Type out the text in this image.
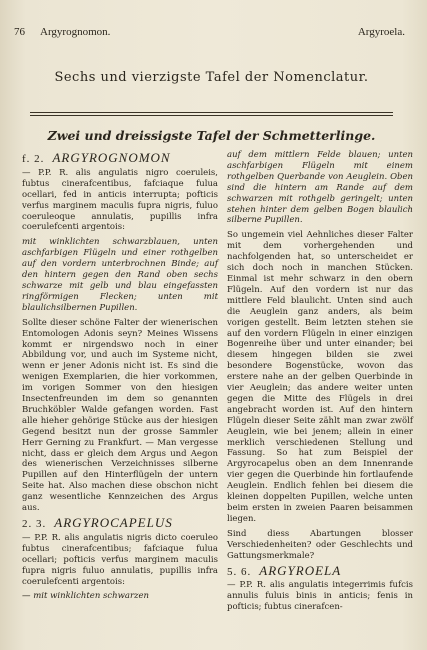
76	Argyrognomon.	Argyroela.
Sechs und vierzigste Tafel der Nomenclatur.
Zwei und dreissigste Tafel der Schmetterlinge.
f. 2. ARGYROGNOMON

— P.P. R. alis angulatis nigro coeruleis, fubtus cinerafcentibus, fafciaque fulua ocellari, fed in anticis interrupta; pofticis verfus marginem maculis fupra nigris, fuluo coeruleoque annulatis, pupillis infra coerulefcenti argentois:

mit winklichten schwarzblauen, unten aschfarbigen Flügeln und einer rothgelben auf den vordern unterbrochnen Binde; auf den hintern gegen den Rand oben sechs schwarze mit gelb und blau eingefassten ringförmigen Flecken; unten mit blaulichsilbernen Pupillen.

Sollte dieser schöne Falter der wienerischen Entomologen Adonis seyn? Meines Wissens kommt er nirgendswo noch in einer Abbildung vor, und auch im Systeme nicht, wenn er jener Adonis nicht ist. Es sind die wenigen Exemplarien, die hier vorkommen, im vorigen Sommer von den hiesigen Insectenfreunden im dem so genannten Bruchköbler Walde gefangen worden. Fast alle hieher gehörige Stücke aus der hiesigen Gegend besitzt nun der grosse Sammler Herr Gerning zu Frankfurt. — Man vergesse nicht, dass er gleich dem Argus und Aegon des wienerischen Verzeichnisses silberne Pupillen auf den Hinterflügeln der untern Seite hat. Also machen diese obschon nicht ganz wesentliche Kennzeichen des Argus aus.

2. 3. ARGYROCAPELUS

— P.P. R. alis angulatis nigris dicto coeruleo fubtus cinerafcentibus; fafciaque fulua ocellari; pofticis verfus marginem maculis fupra nigris fuluo annulatis, pupillis infra coerulefcenti argentois:

— mit winklichten schwarzen

auf dem mittlern Felde blauen; unten aschfarbigen Flügeln mit einem rothgelben Querbande von Aeuglein. Oben sind die hintern am Rande auf dem schwarzen mit rothgelb geringelt; unten stehen hinter dem gelben Bogen blaulich silberne Pupillen.

So ungemein viel Aehnliches dieser Falter mit dem vorhergehenden und nachfolgenden hat, so unterscheidet er sich doch noch in manchen Stücken. Einmal ist mehr schwarz in den obern Flügeln. Auf den vordern ist nur das mittlere Feld blaulicht. Unten sind auch die Aeuglein ganz anders, als beim vorigen gestellt. Beim letzten stehen sie auf den vordern Flügeln in einer einzigen Bogenreihe über und unter einander; bei diesem hingegen bilden sie zwei besondere Bogenstücke, wovon das erstere nahe an der gelben Querbinde in vier Aeuglein; das andere weiter unten gegen die Mitte des Flügels in drei angebracht worden ist. Auf den hintern Flügeln dieser Seite zählt man zwar zwölf Aeuglein, wie bei jenem; allein in einer merklich verschiedenen Stellung und Fassung. So hat zum Beispiel der Argyrocapelus oben an dem Innenrande vier gegen die Querbinde hin fortlaufende Aeuglein. Endlich fehlen bei diesem die kleinen doppelten Pupillen, welche unten beim ersten in zweien Paaren beisammen liegen.

Sind diess Abartungen blosser Verschiedenheiten? oder Geschlechts und Gattungsmerkmale?

5. 6. ARGYROELA

— P.P. R. alis angulatis integerrimis fufcis annulis fuluis binis in anticis; fenis in pofticis; fubtus cinerafcen-
